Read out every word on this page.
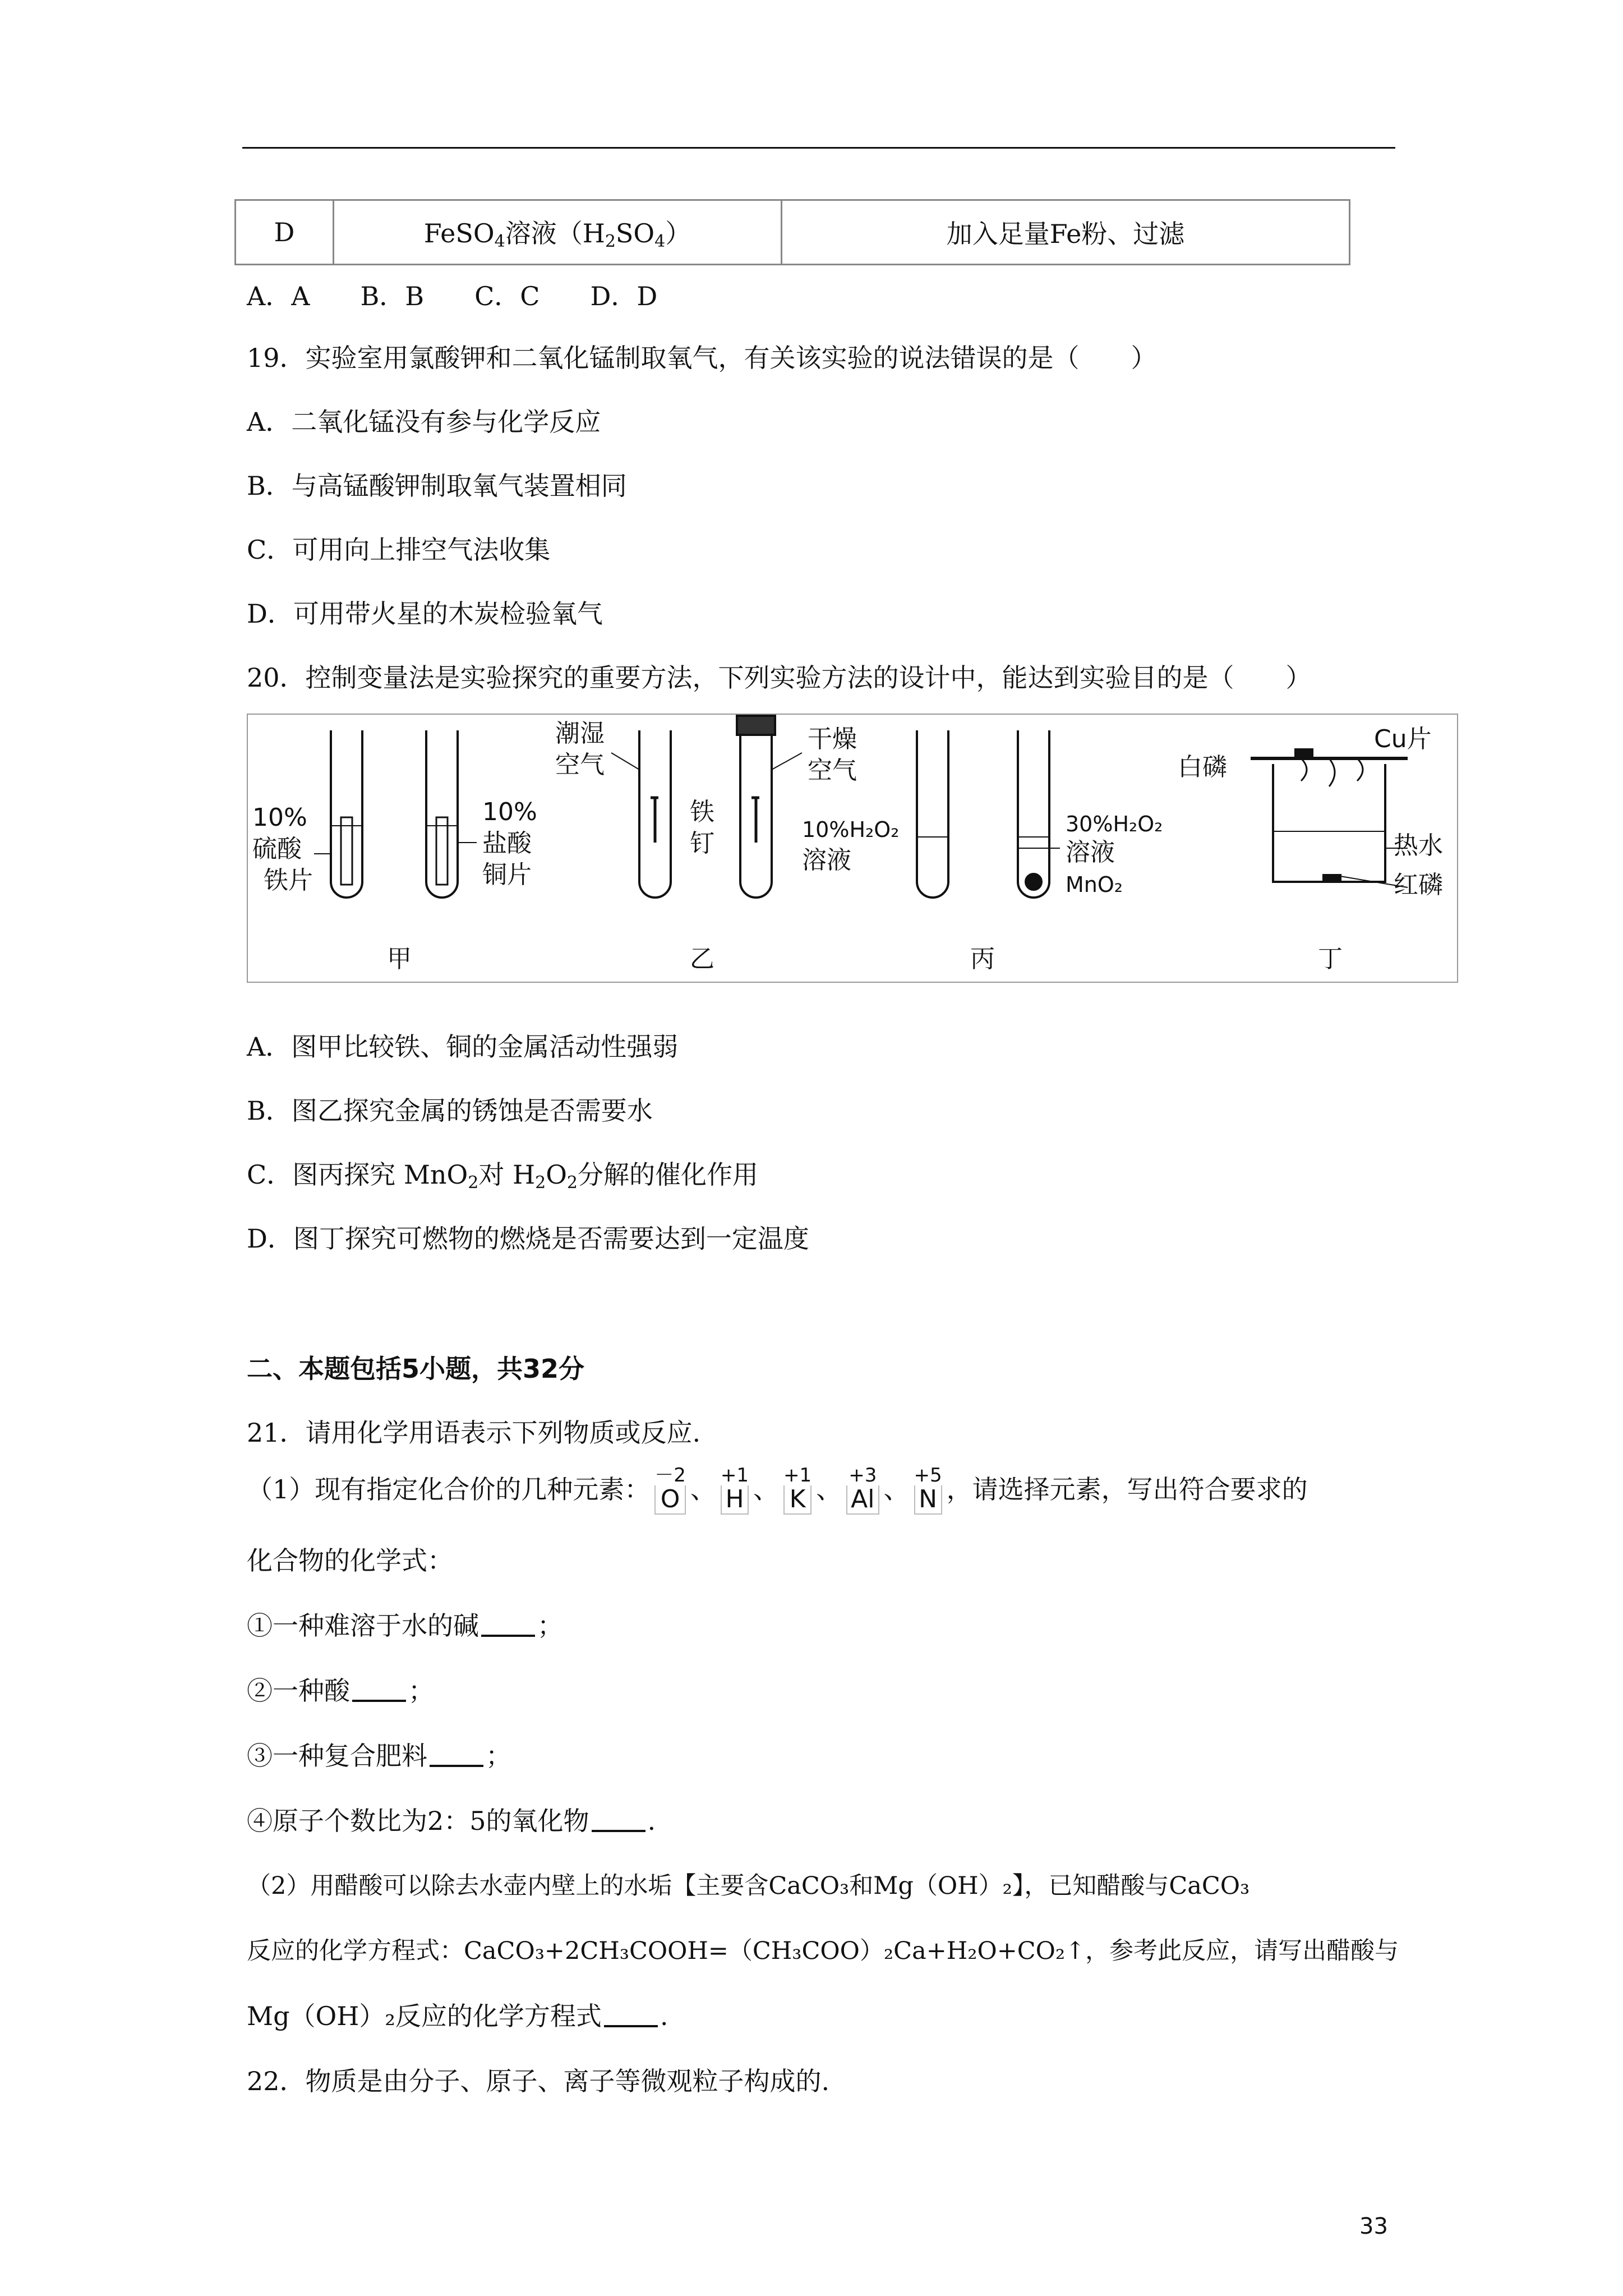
D	FeSO$_4$溶液$(H_2SO_4)$	加入足量Fe粉、过滤
A．A B．B C．C D．D
19．实验室用氯酸钾和二氧化锰制取氧气，有关该实验的说法错误的是（　　）
A．二氧化锰没有参与化学反应
B．与高锰酸钾制取氧气装置相同
C．可用向上排空气法收集
D．可用带火星的木炭检验氧气
20．控制变量法是实验探究的重要方法，下列实验方法的设计中，能达到实验目的是（　　）
10%
硫酸
铁片
10%
盐酸
铜片
潮湿
空气
干燥
空气
铁
钉	10%H₂O₂
溶液
30%H₂O₂
溶液
MnO₂
白磷
Cu片
热水
红磷
甲	乙	丙	丁
A．图甲比较铁、铜的金属活动性强弱
B．图乙探究金属的锈蚀是否需要水
C．图丙探究 MnO$_2$对 $H_2O_2$分解的催化作用
D．图丁探究可燃物的燃烧是否需要达到一定温度
二、本题包括5小题，共32分
21．请用化学用语表示下列物质或反应.
（1）现有指定化合价的几种元素： －2
O 、 +1
H 、 +1
K 、 +3
Al 、 +5
N ，请选择元素，写出符合要求的
化合物的化学式：
①一种难溶于水的碱 ；
②一种酸 ；
③一种复合肥料 ；
④原子个数比为2：5的氧化物 .
（2）用醋酸可以除去水壶内壁上的水垢【主要含CaCO₃和Mg（OH）₂】，已知醋酸与CaCO₃
反应的化学方程式：CaCO₃+2CH₃COOH=（CH₃COO）₂Ca+H₂O+CO₂↑，参考此反应，请写出醋酸与
Mg（OH）₂反应的化学方程式 .
22．物质是由分子、原子、离子等微观粒子构成的.
33
